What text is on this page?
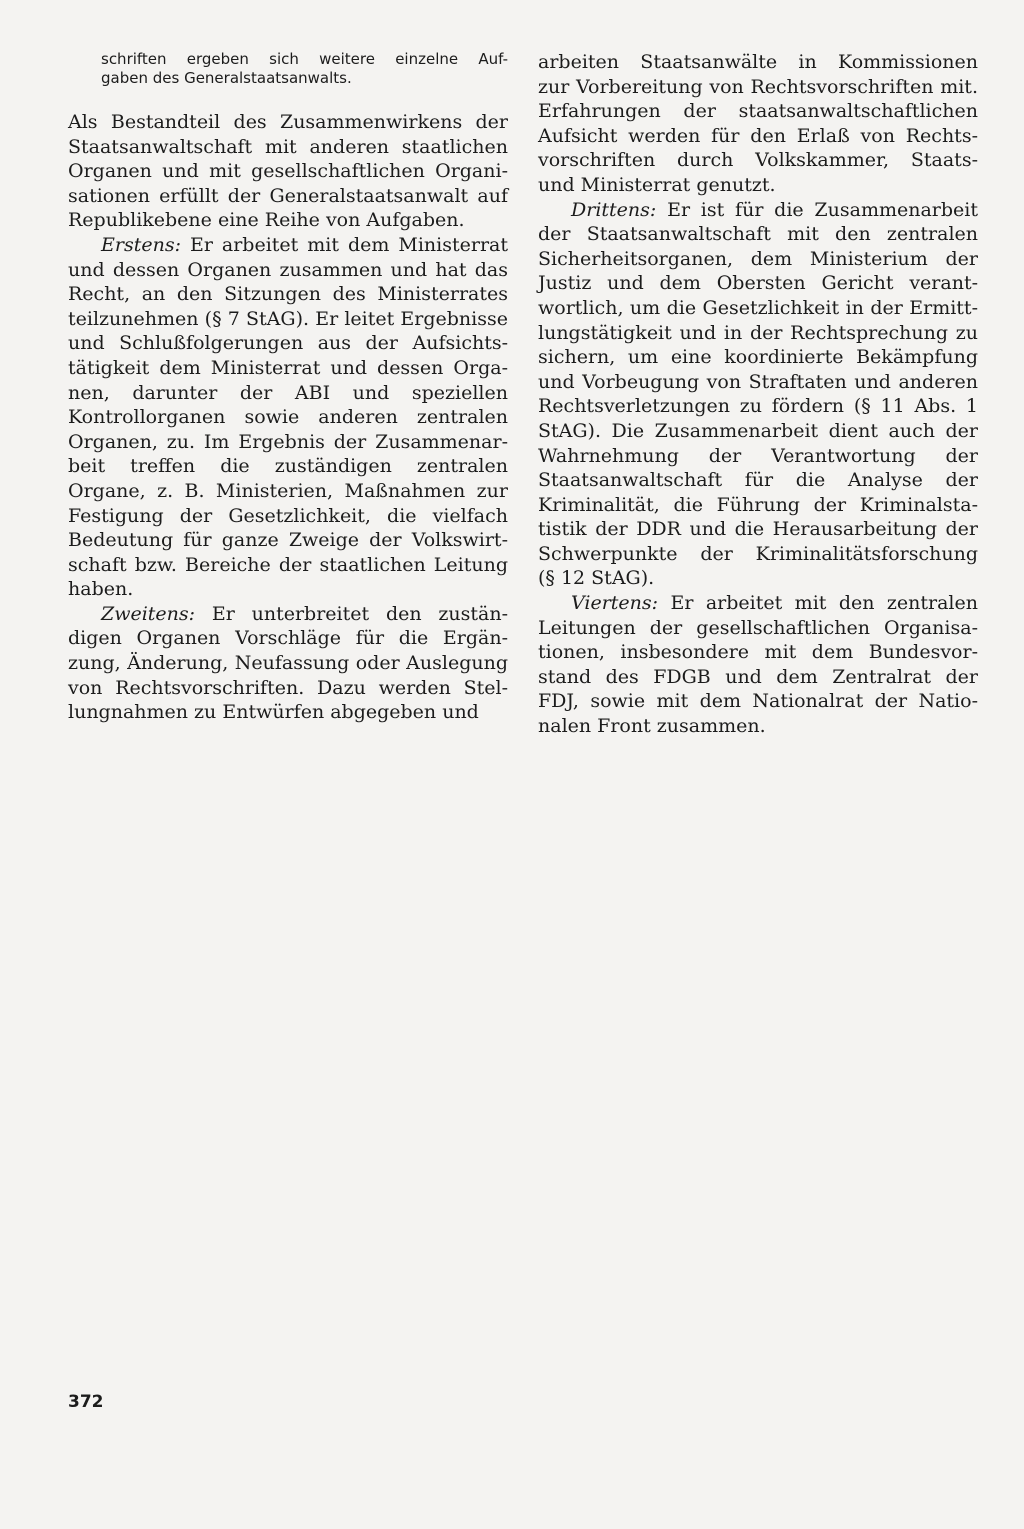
schriften ergeben sich weitere einzelne Auf-
gaben des Generalstaatsanwalts.
Als Bestandteil des Zusammenwirkens der
Staatsanwaltschaft mit anderen staatlichen
Organen und mit gesellschaftlichen Organi-
sationen erfüllt der Generalstaatsanwalt auf
Republikebene eine Reihe von Aufgaben.
Erstens: Er arbeitet mit dem Ministerrat
und dessen Organen zusammen und hat das
Recht, an den Sitzungen des Ministerrates
teilzunehmen (§ 7 StAG). Er leitet Ergebnisse
und Schlußfolgerungen aus der Aufsichts-
tätigkeit dem Ministerrat und dessen Orga-
nen, darunter der ABI und speziellen
Kontrollorganen sowie anderen zentralen
Organen, zu. Im Ergebnis der Zusammenar-
beit treffen die zuständigen zentralen
Organe, z. B. Ministerien, Maßnahmen zur
Festigung der Gesetzlichkeit, die vielfach
Bedeutung für ganze Zweige der Volkswirt-
schaft bzw. Bereiche der staatlichen Leitung
haben.
Zweitens: Er unterbreitet den zustän-
digen Organen Vorschläge für die Ergän-
zung, Änderung, Neufassung oder Auslegung
von Rechtsvorschriften. Dazu werden Stel-
lungnahmen zu Entwürfen abgegeben und
arbeiten Staatsanwälte in Kommissionen
zur Vorbereitung von Rechtsvorschriften mit.
Erfahrungen der staatsanwaltschaftlichen
Aufsicht werden für den Erlaß von Rechts-
vorschriften durch Volkskammer, Staats-
und Ministerrat genutzt.
Drittens: Er ist für die Zusammenarbeit
der Staatsanwaltschaft mit den zentralen
Sicherheitsorganen, dem Ministerium der
Justiz und dem Obersten Gericht verant-
wortlich, um die Gesetzlichkeit in der Ermitt-
lungstätigkeit und in der Rechtsprechung zu
sichern, um eine koordinierte Bekämpfung
und Vorbeugung von Straftaten und anderen
Rechtsverletzungen zu fördern (§ 11 Abs. 1
StAG). Die Zusammenarbeit dient auch der
Wahrnehmung der Verantwortung der
Staatsanwaltschaft für die Analyse der
Kriminalität, die Führung der Kriminalsta-
tistik der DDR und die Herausarbeitung der
Schwerpunkte der Kriminalitätsforschung
(§ 12 StAG).
Viertens: Er arbeitet mit den zentralen
Leitungen der gesellschaftlichen Organisa-
tionen, insbesondere mit dem Bundesvor-
stand des FDGB und dem Zentralrat der
FDJ, sowie mit dem Nationalrat der Natio-
nalen Front zusammen.
372
